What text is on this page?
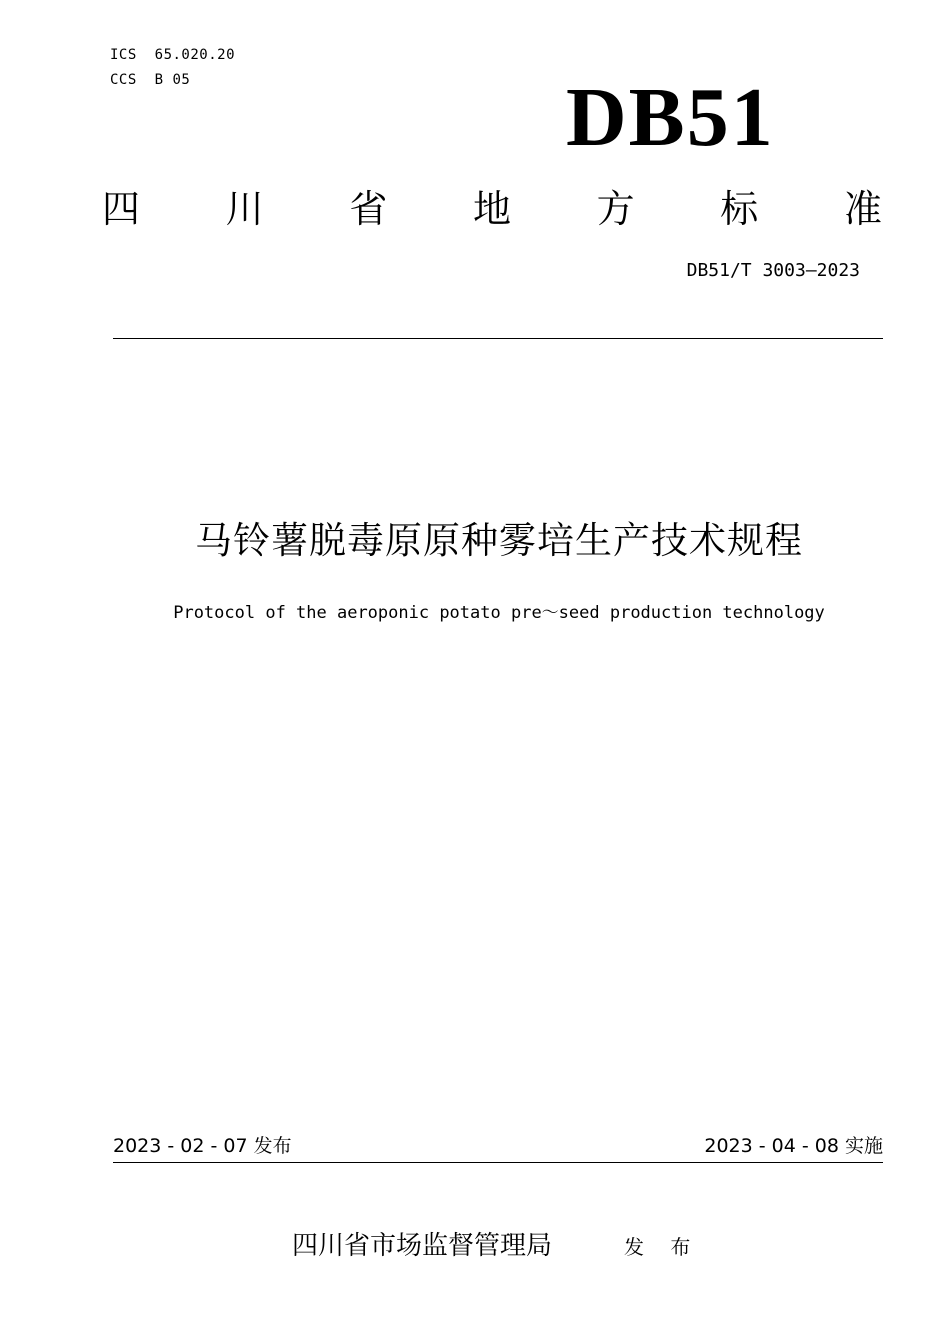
ICS  65.020.20
CCS  B 05	DB51
四 川 省 地 方 标 准
DB51/T 3003—2023
马铃薯脱毒原原种雾培生产技术规程
Protocol of the aeroponic potato pre～seed production technology
2023 - 02 - 07 发布	2023 - 04 - 08 实施
四川省市场监督管理局	发 布
